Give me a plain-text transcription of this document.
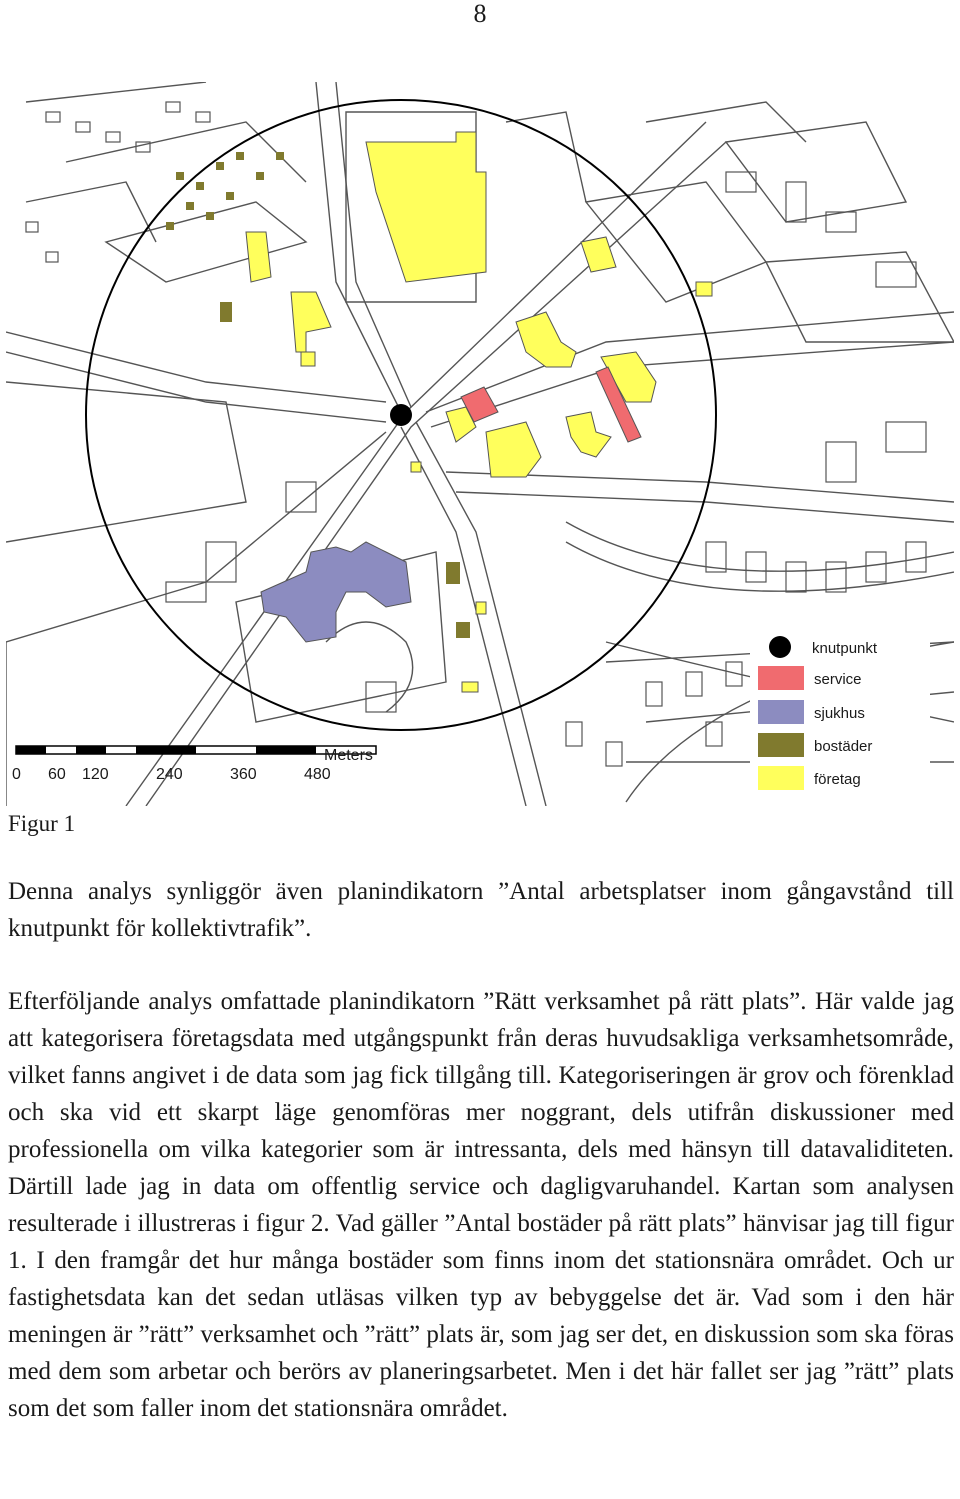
8
Meters
0 60 120	240	360	480
knutpunkt
service
sjukhus
bostäder
företag
Figur 1

Denna analys synliggör även planindikatorn ”Antal arbetsplatser inom gångavstånd till knutpunkt för kollektivtrafik”.

Efterföljande analys omfattade planindikatorn ”Rätt verksamhet på rätt plats”. Här valde jag att kategorisera företagsdata med utgångspunkt från deras huvudsakliga verksamhetsområde, vilket fanns angivet i de data som jag fick tillgång till. Kategoriseringen är grov och förenklad och ska vid ett skarpt läge genomföras mer noggrant, dels utifrån diskussioner med professionella om vilka kategorier som är intressanta, dels med hänsyn till datavaliditeten. Därtill lade jag in data om offentlig service och dagligvaruhandel. Kartan som analysen resulterade i illustreras i figur 2. Vad gäller ”Antal bostäder på rätt plats” hänvisar jag till figur 1. I den framgår det hur många bostäder som finns inom det stationsnära området. Och ur fastighetsdata kan det sedan utläsas vilken typ av bebyggelse det är. Vad som i den här meningen är ”rätt” verksamhet och ”rätt” plats är, som jag ser det, en diskussion som ska föras med dem som arbetar och berörs av planeringsarbetet. Men i det här fallet ser jag ”rätt” plats som det som faller inom det stationsnära området.
